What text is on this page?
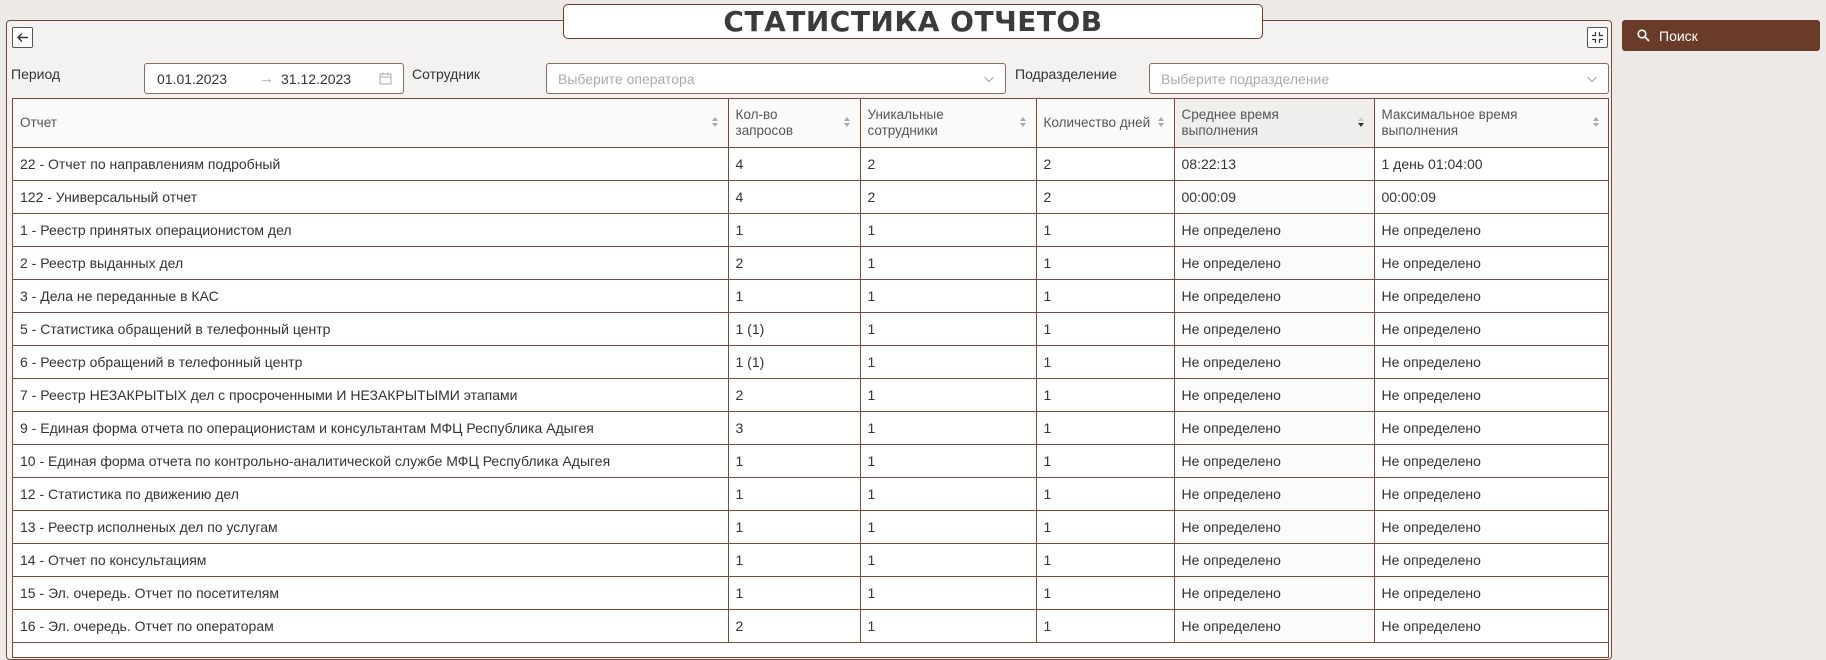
СТАТИСТИКА ОТЧЕТОВ	Поиск
Период	01.01.2023 → 31.12.2023	Сотрудник	Выберите оператора	Подразделение	Выберите подразделение
Отчет	Кол-во запросов	Уникальные сотрудники	Количество дней	Среднее время выполнения	Максимальное время выполнения

22 - Отчет по направлениям подробный	4	2	2	08:22:13	1 день 01:04:00
122 - Универсальный отчет	4	2	2	00:00:09	00:00:09
1 - Реестр принятых операционистом дел	1	1	1	Не определено	Не определено
2 - Реестр выданных дел	2	1	1	Не определено	Не определено
3 - Дела не переданные в КАС	1	1	1	Не определено	Не определено
5 - Статистика обращений в телефонный центр	1 (1)	1	1	Не определено	Не определено
6 - Реестр обращений в телефонный центр	1 (1)	1	1	Не определено	Не определено
7 - Реестр НЕЗАКРЫТЫХ дел с просроченными И НЕЗАКРЫТЫМИ этапами	2	1	1	Не определено	Не определено
9 - Единая форма отчета по операционистам и консультантам МФЦ Республика Адыгея	3	1	1	Не определено	Не определено
10 - Единая форма отчета по контрольно-аналитической службе МФЦ Республика Адыгея	1	1	1	Не определено	Не определено
12 - Статистика по движению дел	1	1	1	Не определено	Не определено
13 - Реестр исполненых дел по услугам	1	1	1	Не определено	Не определено
14 - Отчет по консультациям	1	1	1	Не определено	Не определено
15 - Эл. очередь. Отчет по посетителям	1	1	1	Не определено	Не определено
16 - Эл. очередь. Отчет по операторам	2	1	1	Не определено	Не определено
